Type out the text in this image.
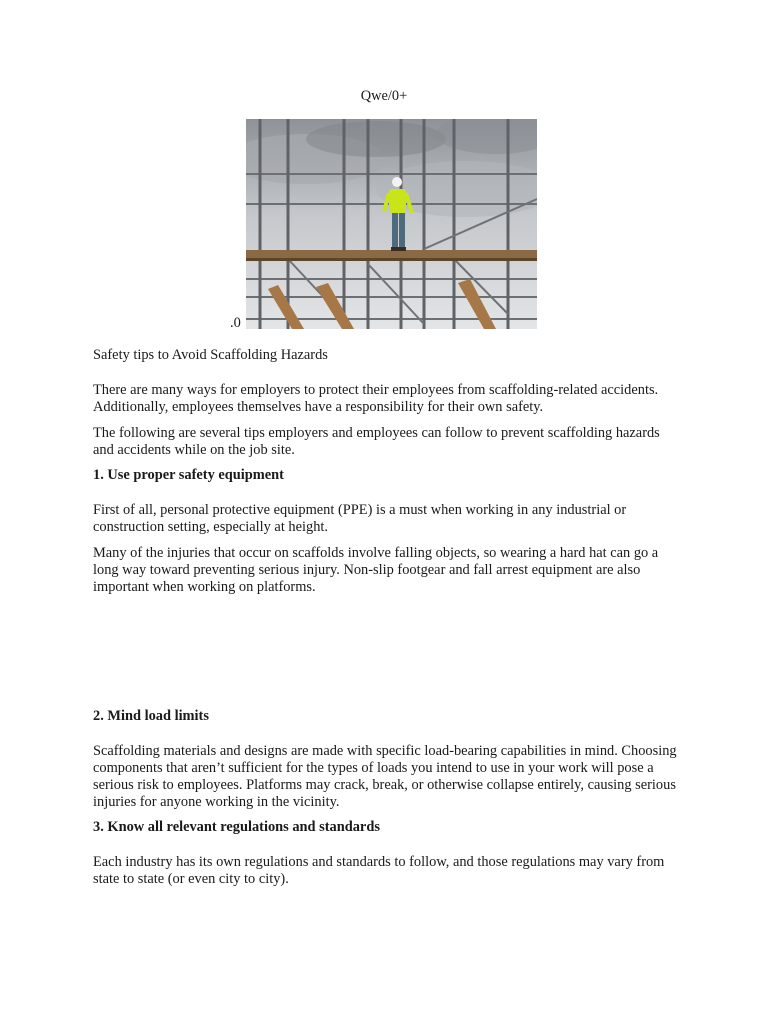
Qwe/0+

.0

Safety tips to Avoid Scaffolding Hazards

There are many ways for employers to protect their employees from scaffolding-related accidents. Additionally, employees themselves have a responsibility for their own safety.

The following are several tips employers and employees can follow to prevent scaffolding hazards and accidents while on the job site.

1. Use proper safety equipment

First of all, personal protective equipment (PPE) is a must when working in any industrial or construction setting, especially at height.

Many of the injuries that occur on scaffolds involve falling objects, so wearing a hard hat can go a long way toward preventing serious injury. Non-slip footgear and fall arrest equipment are also important when working on platforms.

2. Mind load limits

Scaffolding materials and designs are made with specific load-bearing capabilities in mind. Choosing components that aren’t sufficient for the types of loads you intend to use in your work will pose a serious risk to employees. Platforms may crack, break, or otherwise collapse entirely, causing serious injuries for anyone working in the vicinity.

3. Know all relevant regulations and standards

Each industry has its own regulations and standards to follow, and those regulations may vary from state to state (or even city to city).
